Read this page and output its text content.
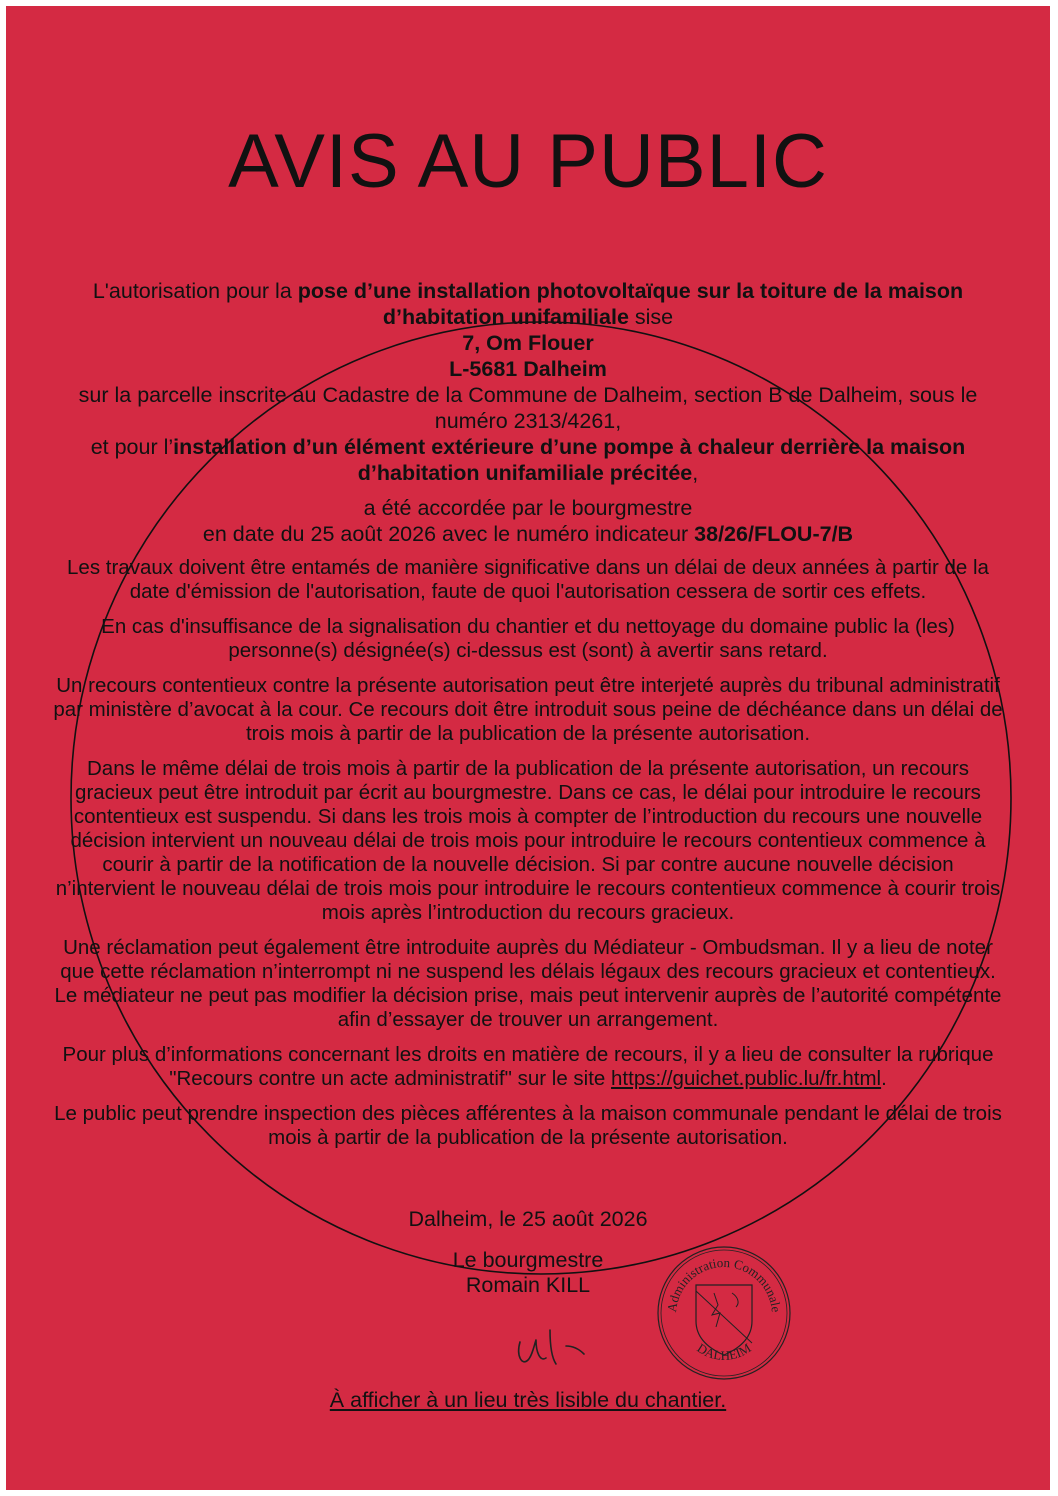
AVIS AU PUBLIC

L'autorisation pour la pose d’une installation photovoltaïque sur la toiture de la maison d’habitation unifamiliale sise

7, Om Flouer

L-5681 Dalheim

sur la parcelle inscrite au Cadastre de la Commune de Dalheim, section B de Dalheim, sous le numéro 2313/4261,

et pour l’installation d’un élément extérieure d’une pompe à chaleur derrière la maison d’habitation unifamiliale précitée,

a été accordée par le bourgmestre

en date du 25 août 2026 avec le numéro indicateur 38/26/FLOU-7/B

Les travaux doivent être entamés de manière significative dans un délai de deux années à partir de la date d'émission de l'autorisation, faute de quoi l'autorisation cessera de sortir ces effets.

En cas d'insuffisance de la signalisation du chantier et du nettoyage du domaine public la (les) personne(s) désignée(s) ci-dessus est (sont) à avertir sans retard.

Un recours contentieux contre la présente autorisation peut être interjeté auprès du tribunal administratif par ministère d’avocat à la cour. Ce recours doit être introduit sous peine de déchéance dans un délai de trois mois à partir de la publication de la présente autorisation.

Dans le même délai de trois mois à partir de la publication de la présente autorisation, un recours gracieux peut être introduit par écrit au bourgmestre. Dans ce cas, le délai pour introduire le recours contentieux est suspendu. Si dans les trois mois à compter de l’introduction du recours une nouvelle décision intervient un nouveau délai de trois mois pour introduire le recours contentieux commence à courir à partir de la notification de la nouvelle décision. Si par contre aucune nouvelle décision n’intervient le nouveau délai de trois mois pour introduire le recours contentieux commence à courir trois mois après l’introduction du recours gracieux.

Une réclamation peut également être introduite auprès du Médiateur - Ombudsman. Il y a lieu de noter que cette réclamation n’interrompt ni ne suspend les délais légaux des recours gracieux et contentieux. Le médiateur ne peut pas modifier la décision prise, mais peut intervenir auprès de l’autorité compétente afin d’essayer de trouver un arrangement.

Pour plus d’informations concernant les droits en matière de recours, il y a lieu de consulter la rubrique "Recours contre un acte administratif" sur le site https://guichet.public.lu/fr.html.

Le public peut prendre inspection des pièces afférentes à la maison communale pendant le délai de trois mois à partir de la publication de la présente autorisation.

Dalheim, le 25 août 2026
Le bourgmestre
Romain KILL
Administration Communale
DALHEIM
À afficher à un lieu très lisible du chantier.
